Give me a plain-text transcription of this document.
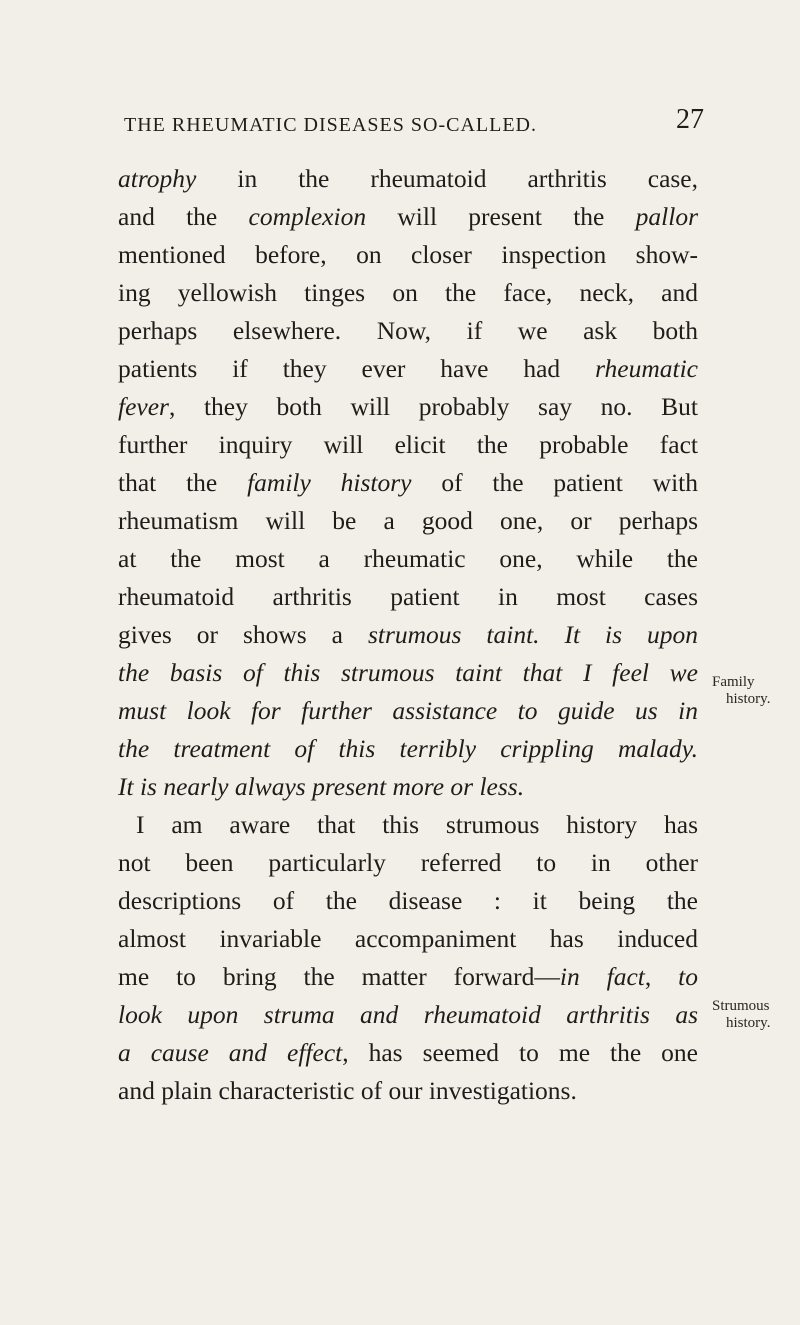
THE RHEUMATIC DISEASES SO-CALLED.	27
atrophy in the rheumatoid arthritis case,
and the complexion will present the pallor
mentioned before, on closer inspection show-
ing yellowish tinges on the face, neck, and
perhaps elsewhere. Now, if we ask both
patients if they ever have had rheumatic
fever, they both will probably say no. But
further inquiry will elicit the probable fact
that the family history of the patient with
rheumatism will be a good one, or perhaps
at the most a rheumatic one, while the
rheumatoid arthritis patient in most cases
gives or shows a strumous taint. It is upon
the basis of this strumous taint that I feel we
must look for further assistance to guide us in
the treatment of this terribly crippling malady.
It is nearly always present more or less.
I am aware that this strumous history has
not been particularly referred to in other
descriptions of the disease : it being the
almost invariable accompaniment has induced
me to bring the matter forward—in fact, to
look upon struma and rheumatoid arthritis as
a cause and effect, has seemed to me the one
and plain characteristic of our investigations.
Family
history.
Strumous
history.
